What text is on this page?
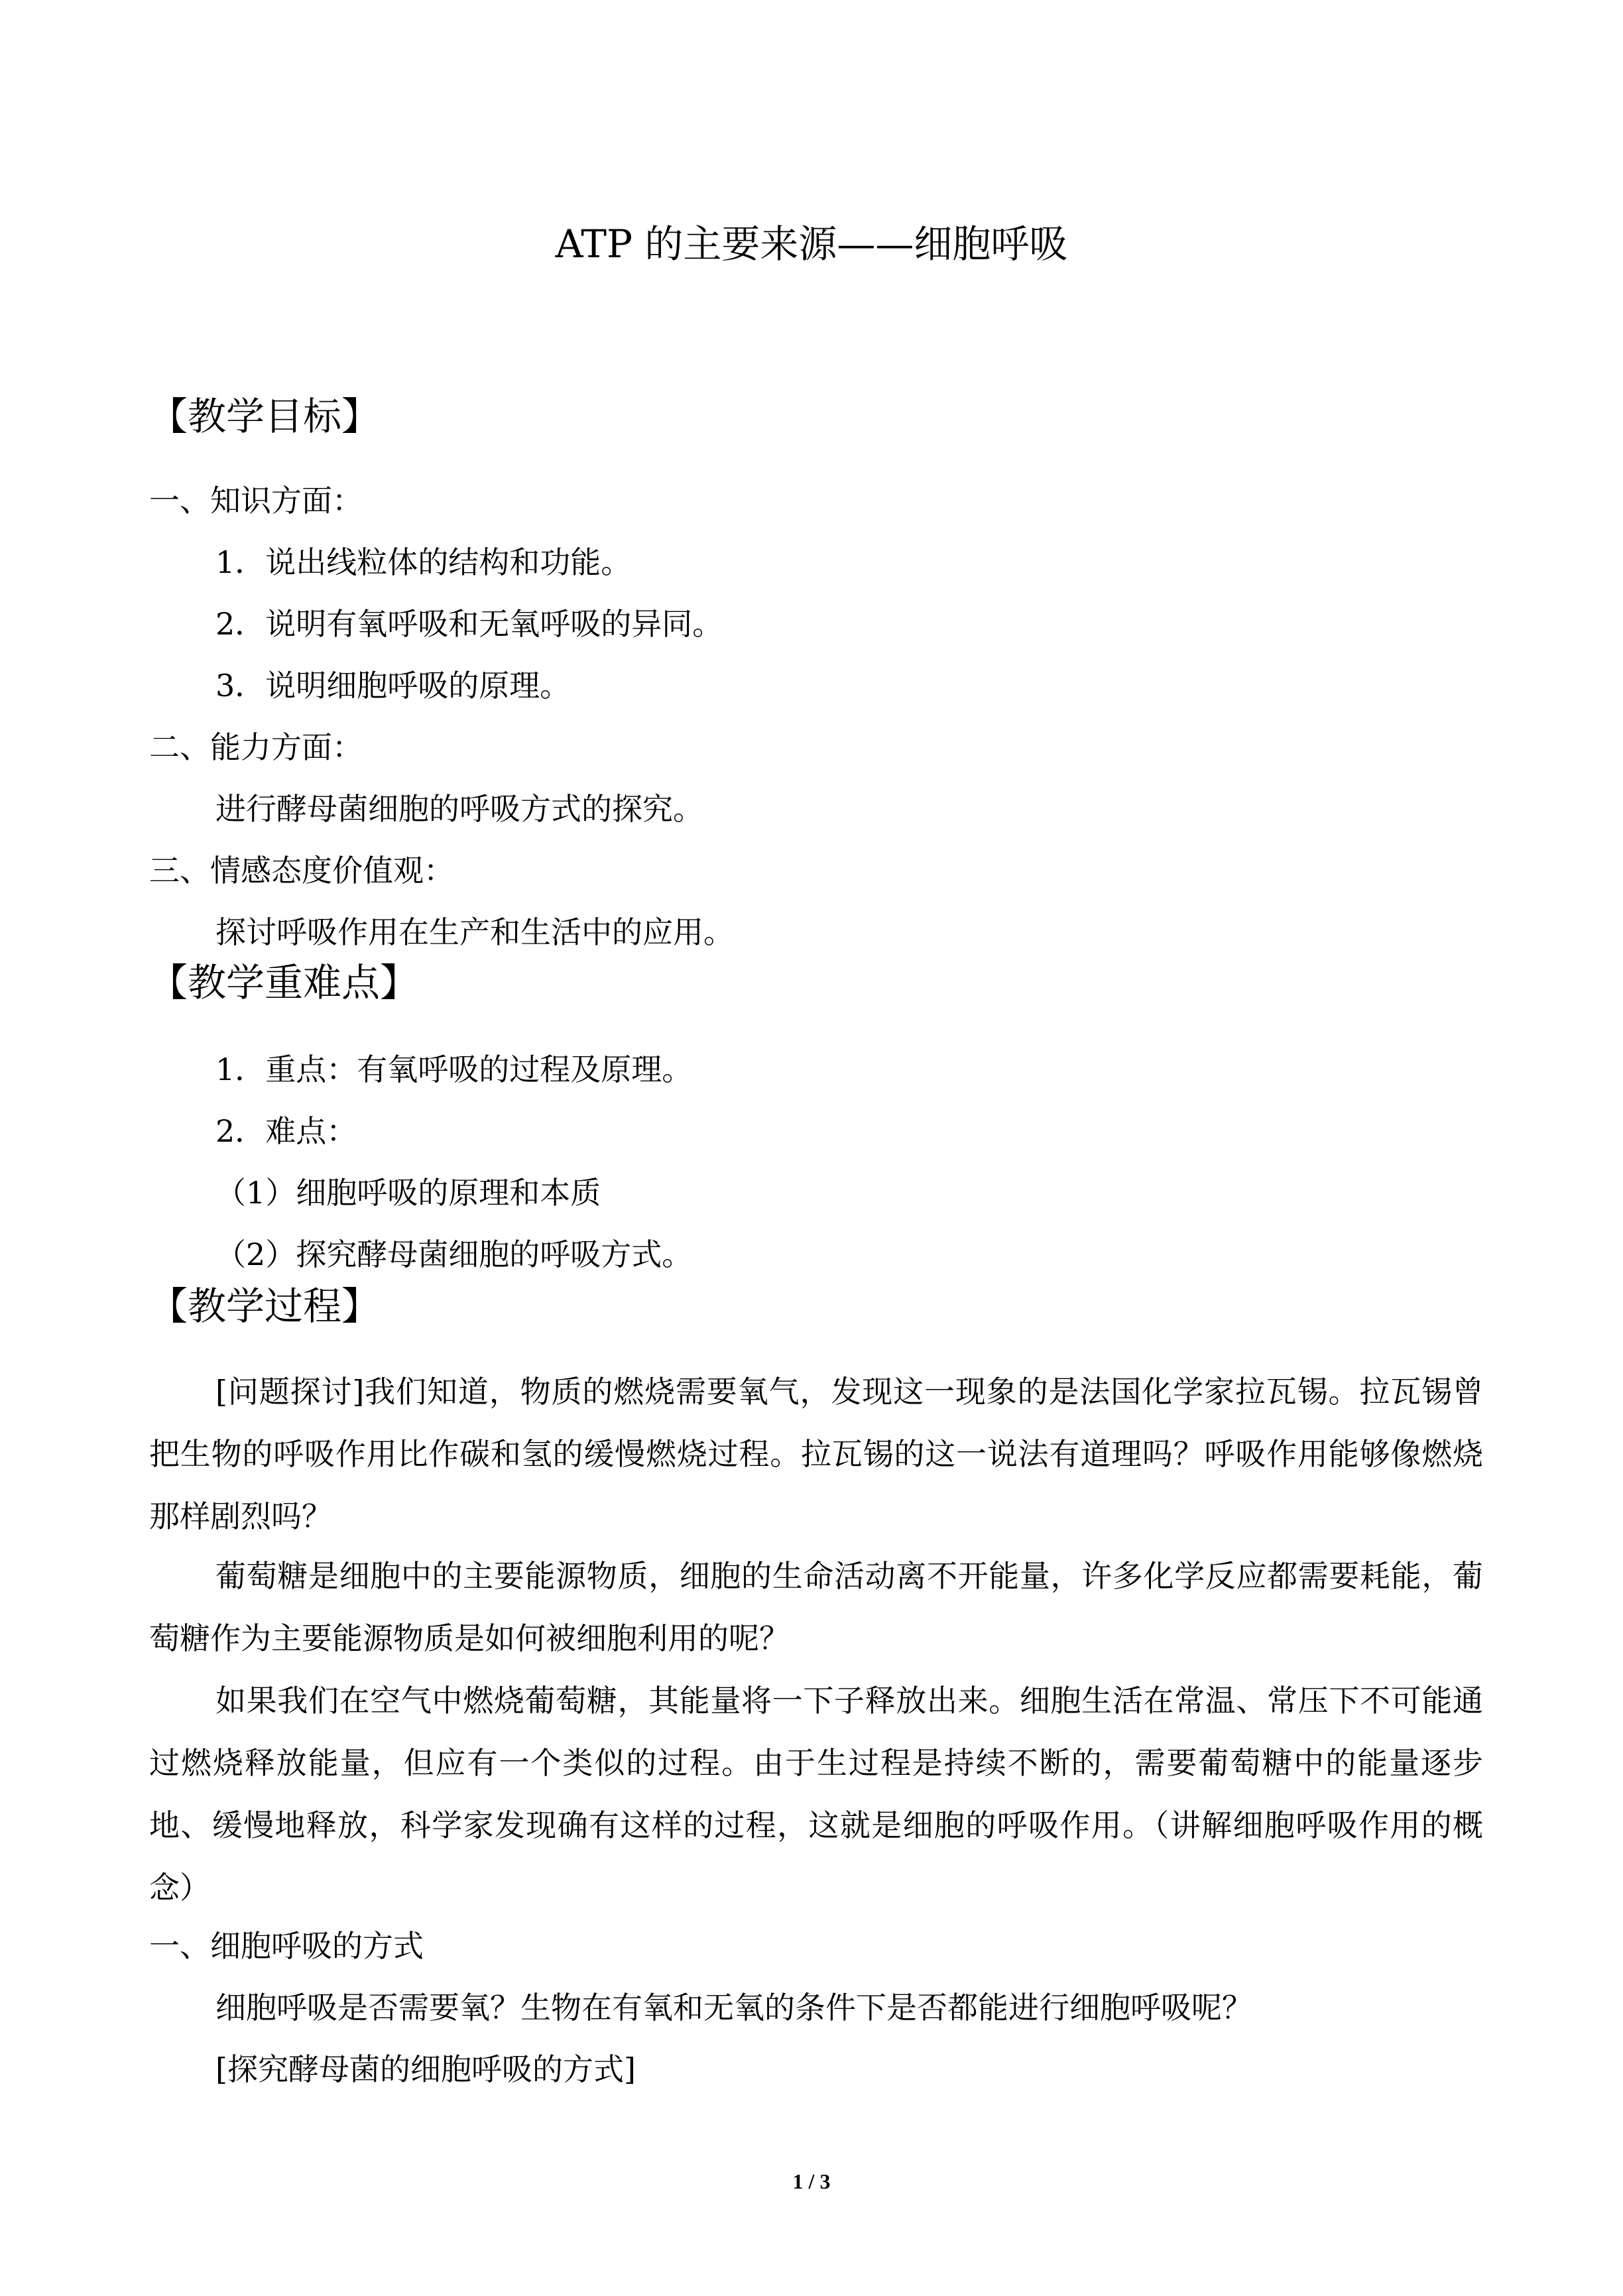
ATP 的主要来源——细胞呼吸
【教学目标】
一、知识方面：
1．说出线粒体的结构和功能。
2．说明有氧呼吸和无氧呼吸的异同。
3．说明细胞呼吸的原理。
二、能力方面：
进行酵母菌细胞的呼吸方式的探究。
三、情感态度价值观：
探讨呼吸作用在生产和生活中的应用。
【教学重难点】
1．重点：有氧呼吸的过程及原理。
2．难点：
（1）细胞呼吸的原理和本质
（2）探究酵母菌细胞的呼吸方式。
【教学过程】
[问题探讨]我们知道，物质的燃烧需要氧气，发现这一现象的是法国化学家拉瓦锡。拉瓦锡曾把生物的呼吸作用比作碳和氢的缓慢燃烧过程。拉瓦锡的这一说法有道理吗？呼吸作用能够像燃烧那样剧烈吗？
葡萄糖是细胞中的主要能源物质，细胞的生命活动离不开能量，许多化学反应都需要耗能，葡萄糖作为主要能源物质是如何被细胞利用的呢？
如果我们在空气中燃烧葡萄糖，其能量将一下子释放出来。细胞生活在常温、常压下不可能通过燃烧释放能量，但应有一个类似的过程。由于生过程是持续不断的，需要葡萄糖中的能量逐步地、缓慢地释放，科学家发现确有这样的过程，这就是细胞的呼吸作用。（讲解细胞呼吸作用的概念）
一、细胞呼吸的方式
细胞呼吸是否需要氧？生物在有氧和无氧的条件下是否都能进行细胞呼吸呢？
[探究酵母菌的细胞呼吸的方式]
1 / 3
